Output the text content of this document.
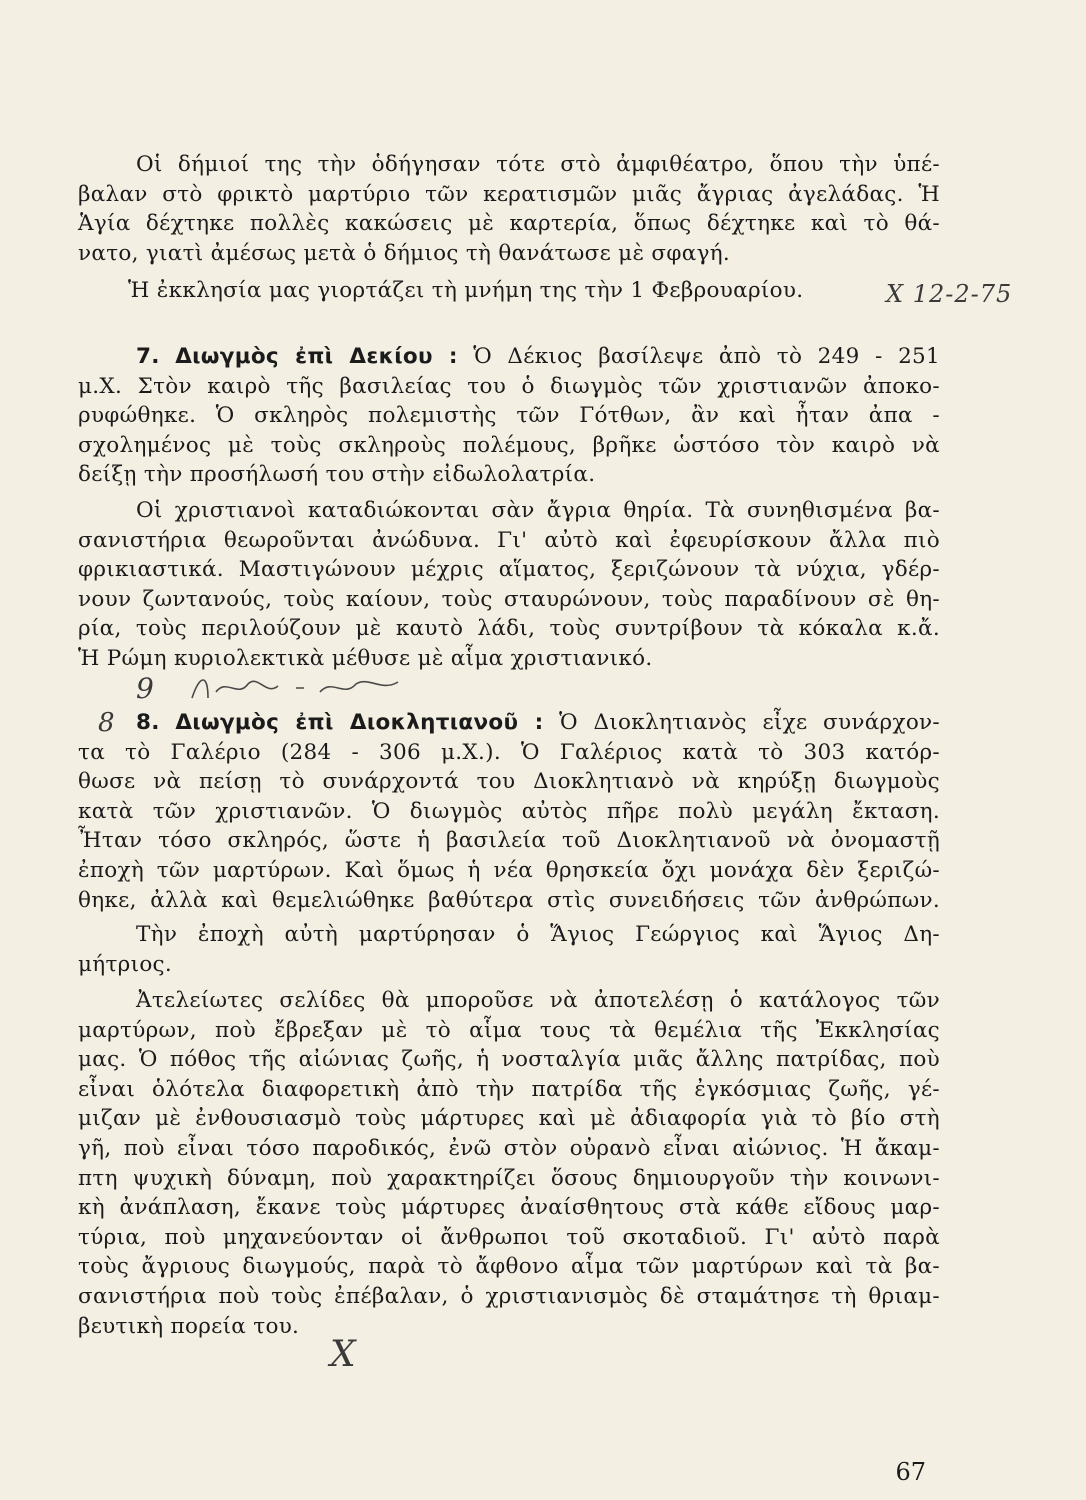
Οἱ δήμιοί της τὴν ὁδήγησαν τότε στὸ ἀμφιθέατρο, ὅπου τὴν ὑπέ-
βαλαν στὸ φρικτὸ μαρτύριο τῶν κερατισμῶν μιᾶς ἄγριας ἀγελάδας. Ἡ
Ἁγία δέχτηκε πολλὲς κακώσεις μὲ καρτερία, ὅπως δέχτηκε καὶ τὸ θά-
νατο, γιατὶ ἀμέσως μετὰ ὁ δήμιος τὴ θανάτωσε μὲ σφαγή.
Ἡ ἐκκλησία μας γιορτάζει τὴ μνήμη της τὴν 1 Φεβρουαρίου.	X 12-2-75
7. Διωγμὸς ἐπὶ Δεκίου : Ὁ Δέκιος βασίλεψε ἀπὸ τὸ 249 - 251
μ.Χ. Στὸν καιρὸ τῆς βασιλείας του ὁ διωγμὸς τῶν χριστιανῶν ἀποκο-
ρυφώθηκε. Ὁ σκληρὸς πολεμιστὴς τῶν Γότθων, ἂν καὶ ἦταν ἀπα -
σχολημένος μὲ τοὺς σκληροὺς πολέμους, βρῆκε ὡστόσο τὸν καιρὸ νὰ
δείξῃ τὴν προσήλωσή του στὴν εἰδωλολατρία.
Οἱ χριστιανοὶ καταδιώκονται σὰν ἄγρια θηρία. Τὰ συνηθισμένα βα-
σανιστήρια θεωροῦνται ἀνώδυνα. Γι' αὐτὸ καὶ ἐφευρίσκουν ἄλλα πιὸ
φρικιαστικά. Μαστιγώνουν μέχρις αἵματος, ξεριζώνουν τὰ νύχια, γδέρ-
νουν ζωντανούς, τοὺς καίουν, τοὺς σταυρώνουν, τοὺς παραδίνουν σὲ θη-
ρία, τοὺς περιλούζουν μὲ καυτὸ λάδι, τοὺς συντρίβουν τὰ κόκαλα κ.ἄ.
Ἡ Ρώμη κυριολεκτικὰ μέθυσε μὲ αἷμα χριστιανικό.
9
8 8. Διωγμὸς ἐπὶ Διοκλητιανοῦ : Ὁ Διοκλητιανὸς εἶχε συνάρχον-
τα τὸ Γαλέριο (284 - 306 μ.Χ.). Ὁ Γαλέριος κατὰ τὸ 303 κατόρ-
θωσε νὰ πείσῃ τὸ συνάρχοντά του Διοκλητιανὸ νὰ κηρύξῃ διωγμοὺς
κατὰ τῶν χριστιανῶν. Ὁ διωγμὸς αὐτὸς πῆρε πολὺ μεγάλη ἔκταση.
Ἦταν τόσο σκληρός, ὥστε ἡ βασιλεία τοῦ Διοκλητιανοῦ νὰ ὀνομαστῇ
ἐποχὴ τῶν μαρτύρων. Καὶ ὅμως ἡ νέα θρησκεία ὄχι μονάχα δὲν ξεριζώ-
θηκε, ἀλλὰ καὶ θεμελιώθηκε βαθύτερα στὶς συνειδήσεις τῶν ἀνθρώπων.
Τὴν ἐποχὴ αὐτὴ μαρτύρησαν ὁ Ἅγιος Γεώργιος καὶ Ἅγιος Δη-
μήτριος.
Ἀτελείωτες σελίδες θὰ μποροῦσε νὰ ἀποτελέσῃ ὁ κατάλογος τῶν
μαρτύρων, ποὺ ἔβρεξαν μὲ τὸ αἷμα τους τὰ θεμέλια τῆς Ἐκκλησίας
μας. Ὁ πόθος τῆς αἰώνιας ζωῆς, ἡ νοσταλγία μιᾶς ἄλλης πατρίδας, ποὺ
εἶναι ὁλότελα διαφορετικὴ ἀπὸ τὴν πατρίδα τῆς ἐγκόσμιας ζωῆς, γέ-
μιζαν μὲ ἐνθουσιασμὸ τοὺς μάρτυρες καὶ μὲ ἀδιαφορία γιὰ τὸ βίο στὴ
γῆ, ποὺ εἶναι τόσο παροδικός, ἐνῶ στὸν οὐρανὸ εἶναι αἰώνιος. Ἡ ἄκαμ-
πτη ψυχικὴ δύναμη, ποὺ χαρακτηρίζει ὅσους δημιουργοῦν τὴν κοινωνι-
κὴ ἀνάπλαση, ἔκανε τοὺς μάρτυρες ἀναίσθητους στὰ κάθε εἴδους μαρ-
τύρια, ποὺ μηχανεύονταν οἱ ἄνθρωποι τοῦ σκοταδιοῦ. Γι' αὐτὸ παρὰ
τοὺς ἄγριους διωγμούς, παρὰ τὸ ἄφθονο αἷμα τῶν μαρτύρων καὶ τὰ βα-
σανιστήρια ποὺ τοὺς ἐπέβαλαν, ὁ χριστιανισμὸς δὲ σταμάτησε τὴ θριαμ-
βευτικὴ πορεία του.
X
67
